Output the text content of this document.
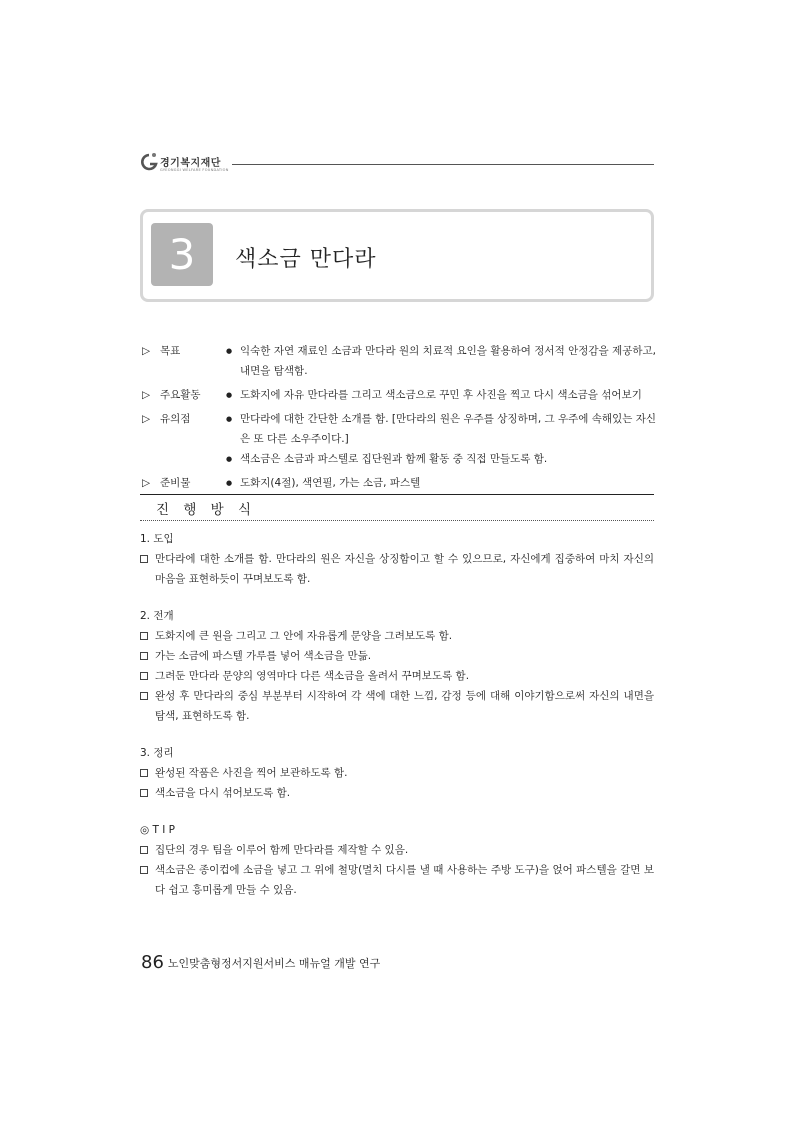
경기복지재단
GYEONGGI WELFARE FOUNDATION
3	색소금 만다라
▷ 목표	● 익숙한 자연 재료인 소금과 만다라 원의 치료적 요인을 활용하여 정서적 안정감을 제공하고, 내면을 탐색함.
▷ 주요활동	● 도화지에 자유 만다라를 그리고 색소금으로 꾸민 후 사진을 찍고 다시 색소금을 섞어보기
▷ 유의점	● 만다라에 대한 간단한 소개를 함. [만다라의 원은 우주를 상징하며, 그 우주에 속해있는 자신은 또 다른 소우주이다.]
● 색소금은 소금과 파스텔로 집단원과 함께 활동 중 직접 만들도록 함.
▷ 준비물	● 도화지(4절), 색연필, 가는 소금, 파스텔
진 행 방 식
1. 도입
만다라에 대한 소개를 함. 만다라의 원은 자신을 상징함이고 할 수 있으므로, 자신에게 집중하여 마치 자신의 마음을 표현하듯이 꾸며보도록 함.
2. 전개
도화지에 큰 원을 그리고 그 안에 자유롭게 문양을 그려보도록 함.
가는 소금에 파스텔 가루를 넣어 색소금을 만듦.
그려둔 만다라 문양의 영역마다 다른 색소금을 올려서 꾸며보도록 함.
완성 후 만다라의 중심 부분부터 시작하여 각 색에 대한 느낌, 감정 등에 대해 이야기함으로써 자신의 내면을 탐색, 표현하도록 함.
3. 정리
완성된 작품은 사진을 찍어 보관하도록 함.
색소금을 다시 섞어보도록 함.
◎ T I P
집단의 경우 팀을 이루어 함께 만다라를 제작할 수 있음.
색소금은 종이컵에 소금을 넣고 그 위에 철망(멸치 다시를 낼 때 사용하는 주방 도구)을 얹어 파스텔을 갈면 보다 쉽고 흥미롭게 만들 수 있음.
86 노인맞춤형정서지원서비스 매뉴얼 개발 연구
